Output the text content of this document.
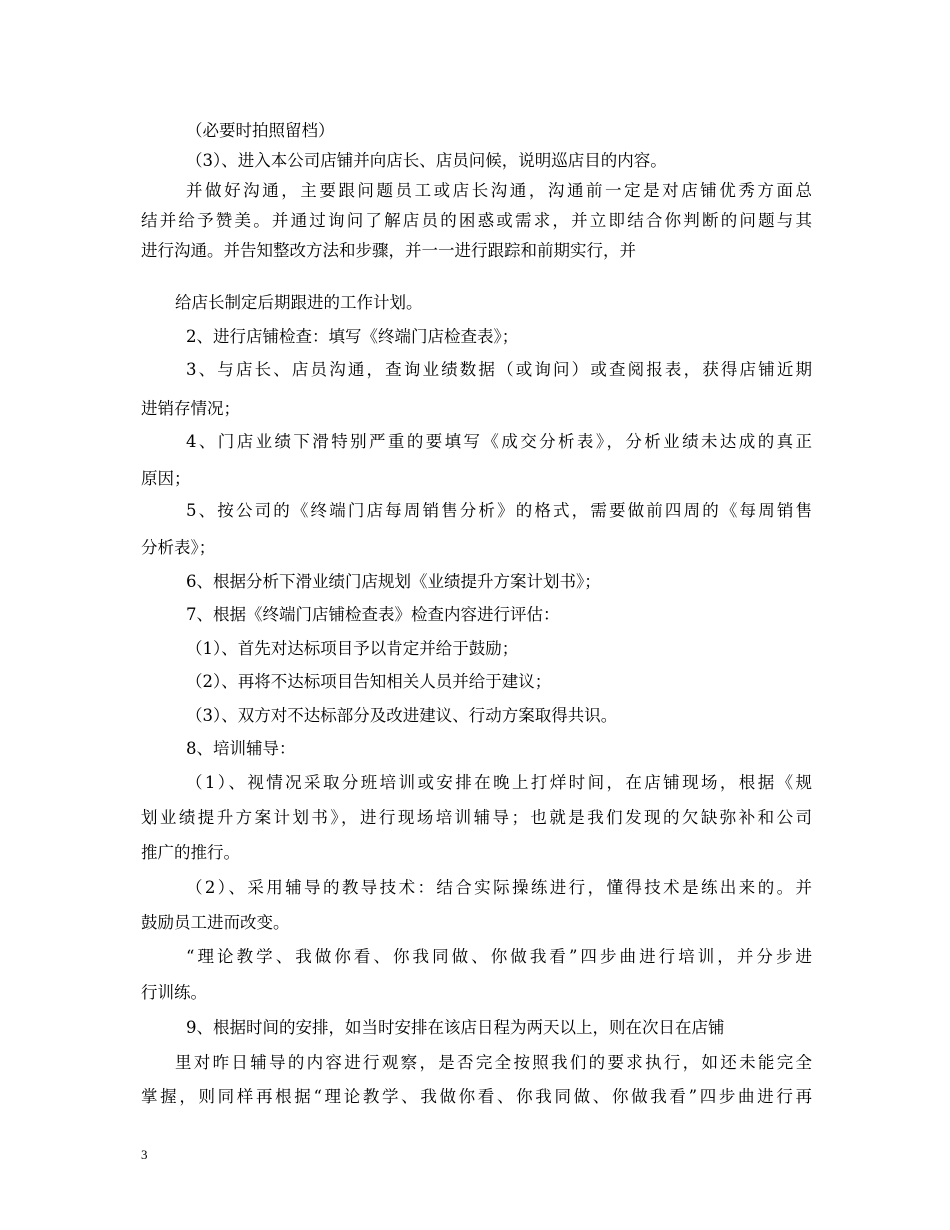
（必要时拍照留档）
（3）、进入本公司店铺并向店长、店员问候，说明巡店目的内容。
并做好沟通，主要跟问题员工或店长沟通，沟通前一定是对店铺优秀方面总
结并给予赞美。并通过询问了解店员的困惑或需求，并立即结合你判断的问题与其
进行沟通。并告知整改方法和步骤，并一一进行跟踪和前期实行，并
给店长制定后期跟进的工作计划。
2、进行店铺检查：填写《终端门店检查表》；
3、与店长、店员沟通，查询业绩数据（或询问）或查阅报表，获得店铺近期
进销存情况；
4、门店业绩下滑特别严重的要填写《成交分析表》，分析业绩未达成的真正
原因；
5、按公司的《终端门店每周销售分析》的格式，需要做前四周的《每周销售
分析表》；
6、根据分析下滑业绩门店规划《业绩提升方案计划书》；
7、根据《终端门店铺检查表》检查内容进行评估：
（1）、首先对达标项目予以肯定并给于鼓励；
（2）、再将不达标项目告知相关人员并给于建议；
（3）、双方对不达标部分及改进建议、行动方案取得共识。
8、培训辅导：
（1）、视情况采取分班培训或安排在晚上打烊时间，在店铺现场，根据《规
划业绩提升方案计划书》，进行现场培训辅导；也就是我们发现的欠缺弥补和公司
推广的推行。
（2）、采用辅导的教导技术：结合实际操练进行，懂得技术是练出来的。并
鼓励员工进而改变。
“理论教学、我做你看、你我同做、你做我看”四步曲进行培训，并分步进
行训练。
9、根据时间的安排，如当时安排在该店日程为两天以上，则在次日在店铺
里对昨日辅导的内容进行观察，是否完全按照我们的要求执行，如还未能完全
掌握，则同样再根据“理论教学、我做你看、你我同做、你做我看”四步曲进行再
3
